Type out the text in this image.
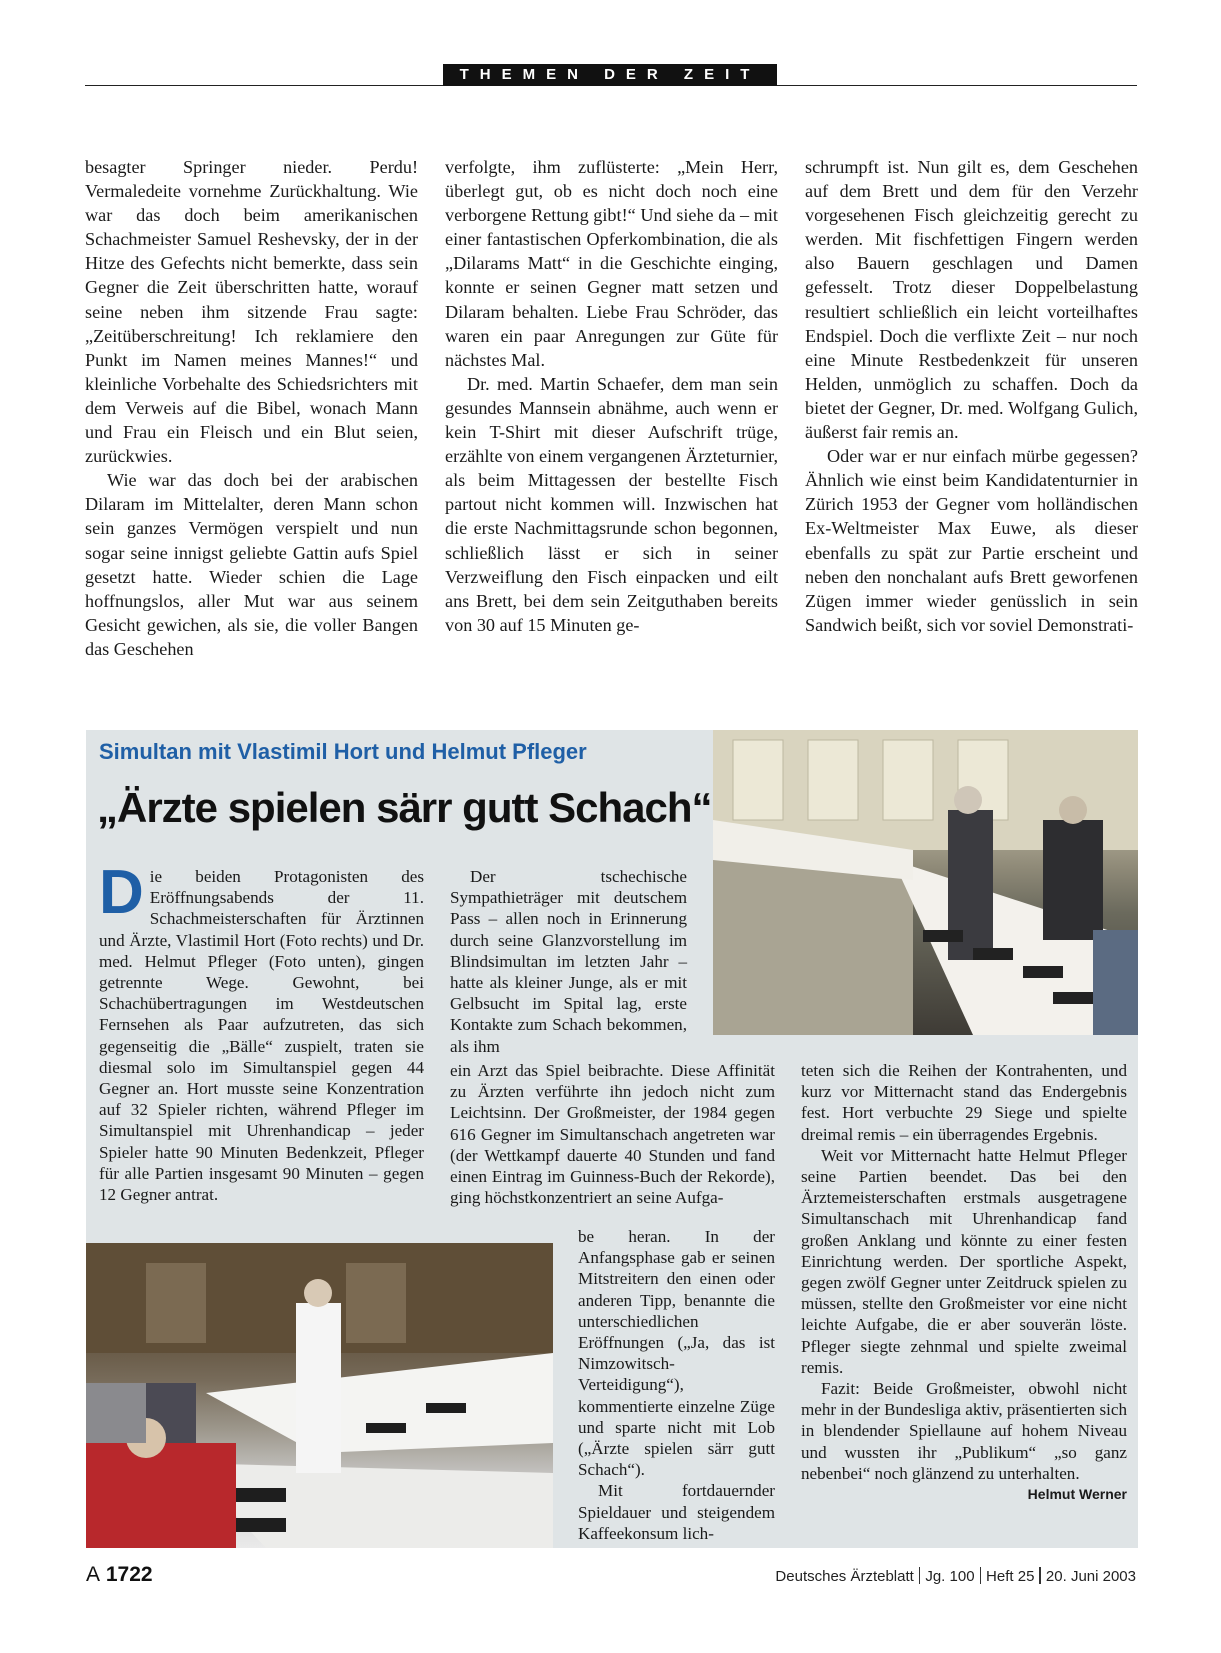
THEMEN DER ZEIT

besagter Springer nieder. Perdu! Vermaledeite vornehme Zurückhaltung. Wie war das doch beim amerikanischen Schachmeister Samuel Reshevsky, der in der Hitze des Gefechts nicht bemerkte, dass sein Gegner die Zeit überschritten hatte, worauf seine neben ihm sitzende Frau sagte: „Zeitüberschreitung! Ich reklamiere den Punkt im Namen meines Mannes!“ und kleinliche Vorbehalte des Schiedsrichters mit dem Verweis auf die Bibel, wonach Mann und Frau ein Fleisch und ein Blut seien, zurückwies.

Wie war das doch bei der arabischen Dilaram im Mittelalter, deren Mann schon sein ganzes Vermögen verspielt und nun sogar seine innigst geliebte Gattin aufs Spiel gesetzt hatte. Wieder schien die Lage hoffnungslos, aller Mut war aus seinem Gesicht gewichen, als sie, die voller Bangen das Geschehen

verfolgte, ihm zuflüsterte: „Mein Herr, überlegt gut, ob es nicht doch noch eine verborgene Rettung gibt!“ Und siehe da – mit einer fantastischen Opferkombination, die als „Dilarams Matt“ in die Geschichte einging, konnte er seinen Gegner matt setzen und Dilaram behalten. Liebe Frau Schröder, das waren ein paar Anregungen zur Güte für nächstes Mal.

Dr. med. Martin Schaefer, dem man sein gesundes Mannsein abnähme, auch wenn er kein T-Shirt mit dieser Aufschrift trüge, erzählte von einem vergangenen Ärzteturnier, als beim Mittagessen der bestellte Fisch partout nicht kommen will. Inzwischen hat die erste Nachmittagsrunde schon begonnen, schließlich lässt er sich in seiner Verzweiflung den Fisch einpacken und eilt ans Brett, bei dem sein Zeitguthaben bereits von 30 auf 15 Minuten ge-

schrumpft ist. Nun gilt es, dem Geschehen auf dem Brett und dem für den Verzehr vorgesehenen Fisch gleichzeitig gerecht zu werden. Mit fischfettigen Fingern werden also Bauern geschlagen und Damen gefesselt. Trotz dieser Doppelbelastung resultiert schließlich ein leicht vorteilhaftes Endspiel. Doch die verflixte Zeit – nur noch eine Minute Restbedenkzeit für unseren Helden, unmöglich zu schaffen. Doch da bietet der Gegner, Dr. med. Wolfgang Gulich, äußerst fair remis an.

Oder war er nur einfach mürbe gegessen? Ähnlich wie einst beim Kandidatenturnier in Zürich 1953 der Gegner vom holländischen Ex-Weltmeister Max Euwe, als dieser ebenfalls zu spät zur Partie erscheint und neben den nonchalant aufs Brett geworfenen Zügen immer wieder genüsslich in sein Sandwich beißt, sich vor soviel Demonstrati-

Simultan mit Vlastimil Hort und Helmut Pfleger
„Ärzte spielen särr gutt Schach“
D ie beiden Protagonisten des Eröffnungsabends der 11. Schachmeisterschaften für Ärztinnen und Ärzte, Vlastimil Hort (Foto rechts) und Dr. med. Helmut Pfleger (Foto unten), gingen getrennte Wege. Gewohnt, bei Schachübertragungen im Westdeutschen Fernsehen als Paar aufzutreten, das sich gegenseitig die „Bälle“ zuspielt, traten sie diesmal solo im Simultanspiel gegen 44 Gegner an. Hort musste seine Konzentration auf 32 Spieler richten, während Pfleger im Simultanspiel mit Uhrenhandicap – jeder Spieler hatte 90 Minuten Bedenkzeit, Pfleger für alle Partien insgesamt 90 Minuten – gegen 12 Gegner antrat.

Der tschechische Sympathieträger mit deutschem Pass – allen noch in Erinnerung durch seine Glanzvorstellung im Blindsimultan im letzten Jahr – hatte als kleiner Junge, als er mit Gelbsucht im Spital lag, erste Kontakte zum Schach bekommen, als ihm

ein Arzt das Spiel beibrachte. Diese Affinität zu Ärzten verführte ihn jedoch nicht zum Leichtsinn. Der Großmeister, der 1984 gegen 616 Gegner im Simultanschach angetreten war (der Wettkampf dauerte 40 Stunden und fand einen Eintrag im Guinness-Buch der Rekorde), ging höchstkonzentriert an seine Aufga-

be heran. In der Anfangsphase gab er seinen Mitstreitern den einen oder anderen Tipp, benannte die unterschiedlichen Eröffnungen („Ja, das ist Nimzowitsch-Verteidigung“), kommentierte einzelne Züge und sparte nicht mit Lob („Ärzte spielen särr gutt Schach“).

Mit fortdauernder Spieldauer und steigendem Kaffeekonsum lich-

teten sich die Reihen der Kontrahenten, und kurz vor Mitternacht stand das Endergebnis fest. Hort verbuchte 29 Siege und spielte dreimal remis – ein überragendes Ergebnis.

Weit vor Mitternacht hatte Helmut Pfleger seine Partien beendet. Das bei den Ärztemeisterschaften erstmals ausgetragene Simultanschach mit Uhrenhandicap fand großen Anklang und könnte zu einer festen Einrichtung werden. Der sportliche Aspekt, gegen zwölf Gegner unter Zeitdruck spielen zu müssen, stellte den Großmeister vor eine nicht leichte Aufgabe, die er aber souverän löste. Pfleger siegte zehnmal und spielte zweimal remis.

Fazit: Beide Großmeister, obwohl nicht mehr in der Bundesliga aktiv, präsentierten sich in blendender Spiellaune auf hohem Niveau und wussten ihr „Publikum“ „so ganz nebenbei“ noch glänzend zu unterhalten.
Helmut Werner

A 1722	Deutsches Ärzteblatt Jg. 100 Heft 25 20. Juni 2003
